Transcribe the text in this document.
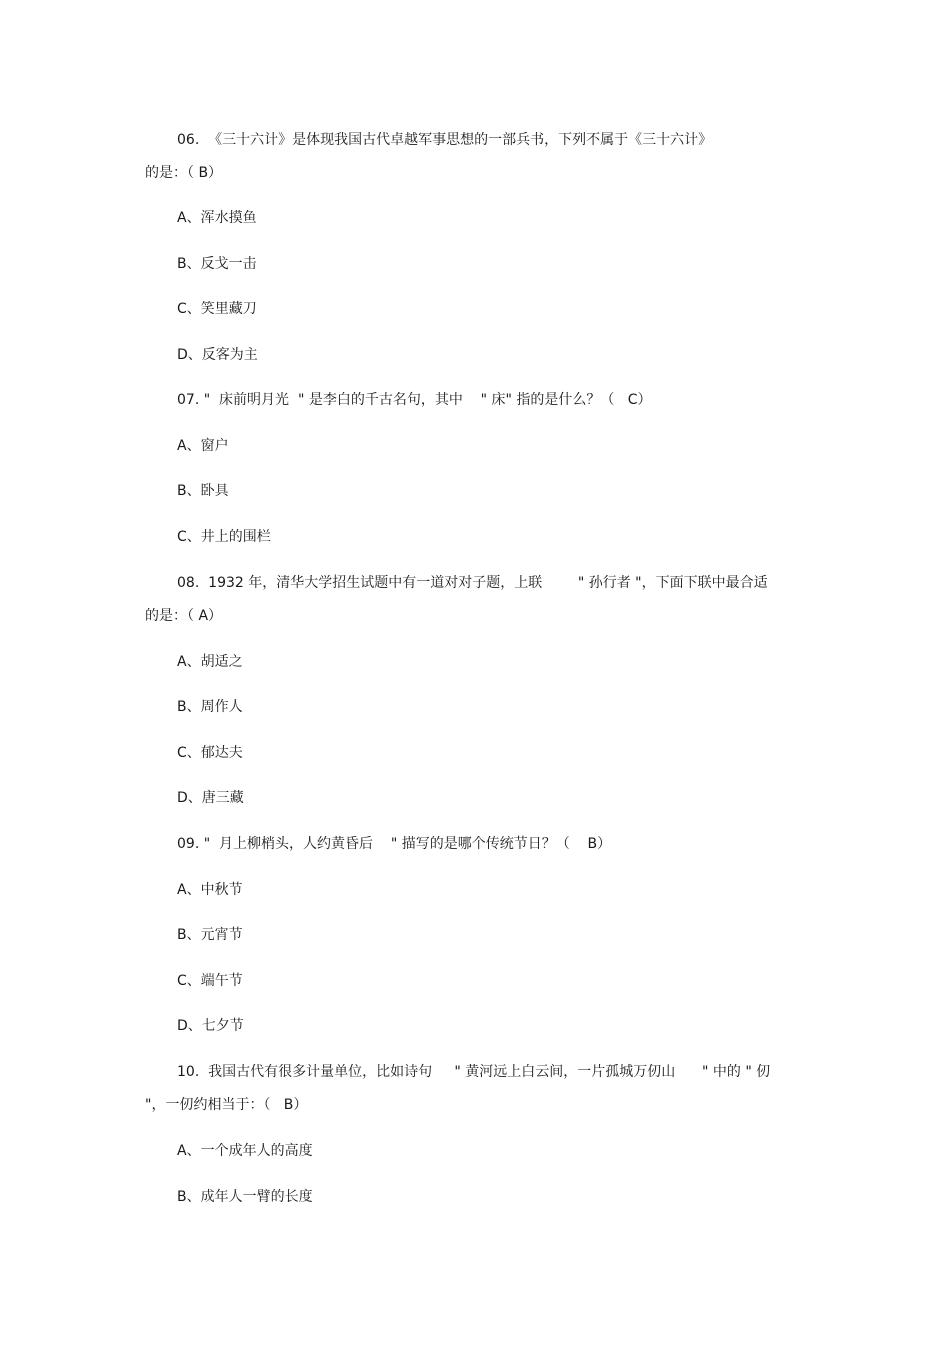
06.  《三十六计》是体现我国古代卓越军事思想的一部兵书，下列不属于《三十六计》
的是：（ B）
A、浑水摸鱼
B、反戈一击
C、笑里藏刀
D、反客为主
07. "  床前明月光  " 是李白的千古名句，其中    " 床" 指的是什么？（   C）
A、窗户
B、卧具
C、井上的围栏
08.  1932 年，清华大学招生试题中有一道对对子题，上联        " 孙行者 "，下面下联中最合适
的是：（ A）
A、胡适之
B、周作人
C、郁达夫
D、唐三藏
09. "  月上柳梢头，人约黄昏后    " 描写的是哪个传统节日？（    B）
A、中秋节
B、元宵节
C、端午节
D、七夕节
10.  我国古代有很多计量单位，比如诗句     " 黄河远上白云间，一片孤城万仞山      " 中的 " 仞
"，一仞约相当于：（   B）
A、一个成年人的高度
B、成年人一臂的长度
